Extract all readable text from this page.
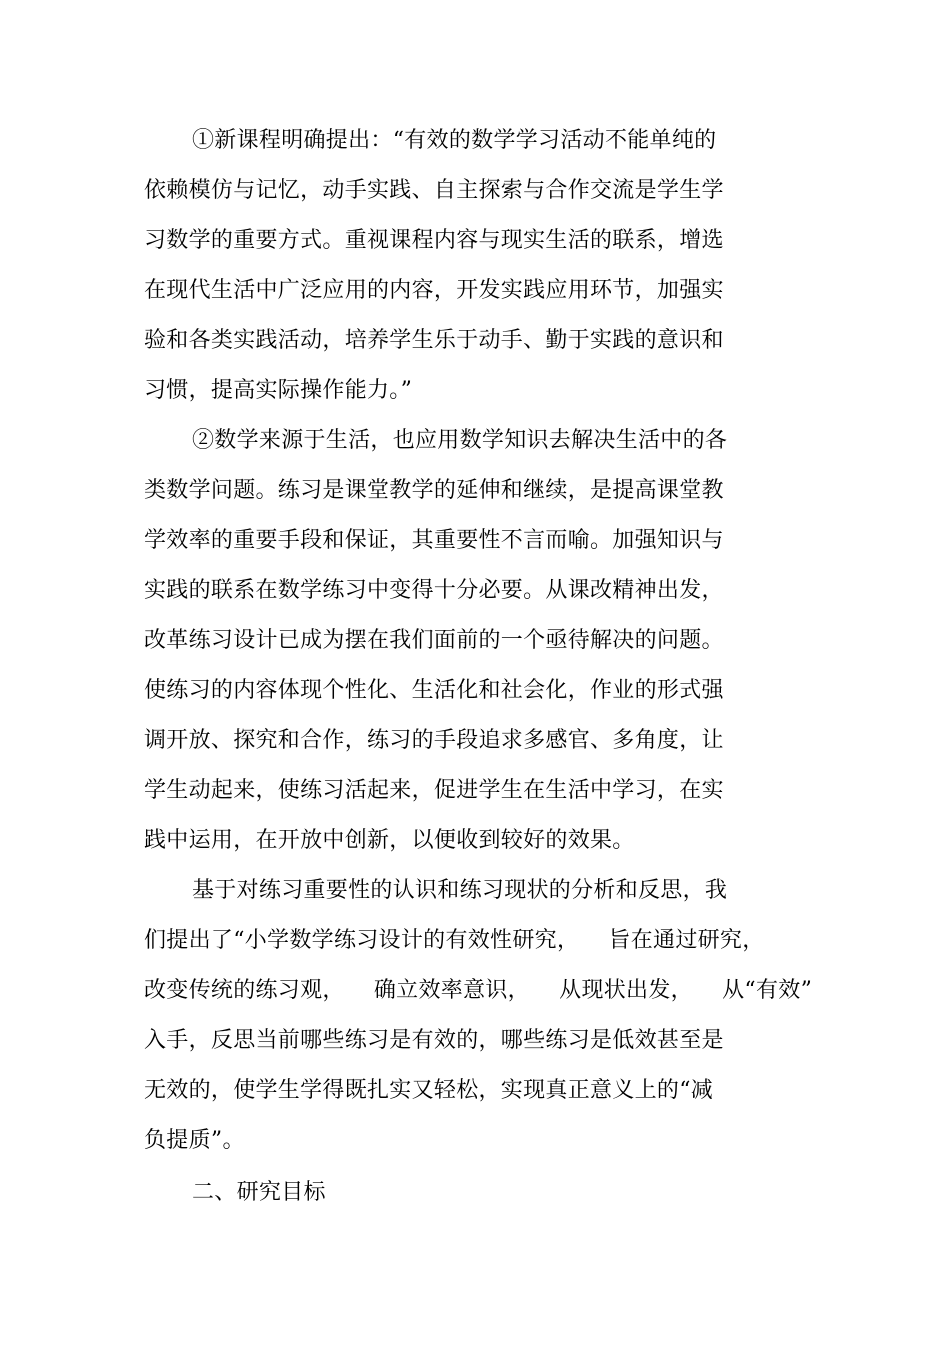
①新课程明确提出：“有效的数学学习活动不能单纯的
依赖模仿与记忆，动手实践、自主探索与合作交流是学生学
习数学的重要方式。重视课程内容与现实生活的联系，增选
在现代生活中广泛应用的内容，开发实践应用环节，加强实
验和各类实践活动，培养学生乐于动手、勤于实践的意识和
习惯，提高实际操作能力。”
②数学来源于生活，也应用数学知识去解决生活中的各
类数学问题。练习是课堂教学的延伸和继续，是提高课堂教
学效率的重要手段和保证，其重要性不言而喻。加强知识与
实践的联系在数学练习中变得十分必要。从课改精神出发，
改革练习设计已成为摆在我们面前的一个亟待解决的问题。
使练习的内容体现个性化、生活化和社会化，作业的形式强
调开放、探究和合作，练习的手段追求多感官、多角度，让
学生动起来，使练习活起来，促进学生在生活中学习，在实
践中运用，在开放中创新，以便收到较好的效果。
基于对练习重要性的认识和练习现状的分析和反思，我
们提出了“小学数学练习设计的有效性研究，    旨在通过研究，
改变传统的练习观，    确立效率意识，    从现状出发，    从“有效”
入手，反思当前哪些练习是有效的，哪些练习是低效甚至是
无效的，使学生学得既扎实又轻松，实现真正意义上的“减
负提质”。
二、研究目标
